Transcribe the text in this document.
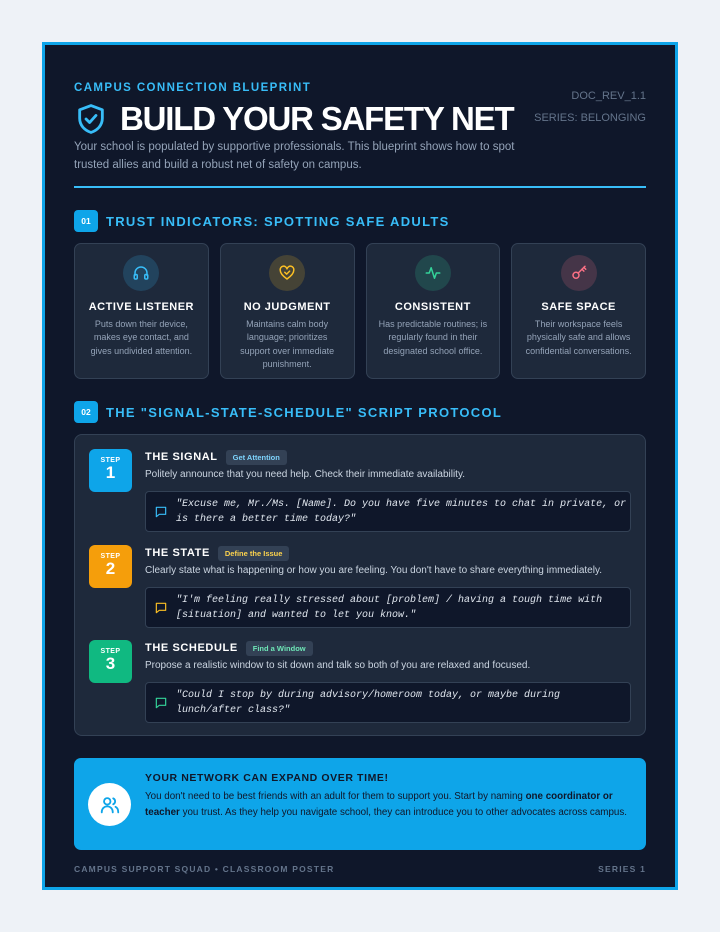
CAMPUS CONNECTION BLUEPRINT
DOC_REV_1.1
SERIES: BELONGING
BUILD YOUR SAFETY NET
Your school is populated by supportive professionals. This blueprint shows how to spot trusted allies and build a robust net of safety on campus.
01	TRUST INDICATORS: SPOTTING SAFE ADULTS
ACTIVE LISTENER
Puts down their device, makes eye contact, and gives undivided attention.
NO JUDGMENT
Maintains calm body language; prioritizes support over immediate punishment.
CONSISTENT
Has predictable routines; is regularly found in their designated school office.
SAFE SPACE
Their workspace feels physically safe and allows confidential conversations.
02	THE "SIGNAL-STATE-SCHEDULE" SCRIPT PROTOCOL
STEP
1
THE SIGNAL	Get Attention
Politely announce that you need help. Check their immediate availability.
"Excuse me, Mr./Ms. [Name]. Do you have five minutes to chat in private, or is there a better time today?"
STEP
2
THE STATE	Define the Issue
Clearly state what is happening or how you are feeling. You don't have to share everything immediately.
"I'm feeling really stressed about [problem] / having a tough time with [situation] and wanted to let you know."
STEP
3
THE SCHEDULE	Find a Window
Propose a realistic window to sit down and talk so both of you are relaxed and focused.
"Could I stop by during advisory/homeroom today, or maybe during lunch/after class?"
YOUR NETWORK CAN EXPAND OVER TIME!
You don't need to be best friends with an adult for them to support you. Start by naming one coordinator or teacher you trust. As they help you navigate school, they can introduce you to other advocates across campus.
CAMPUS SUPPORT SQUAD • CLASSROOM POSTER	SERIES 1
